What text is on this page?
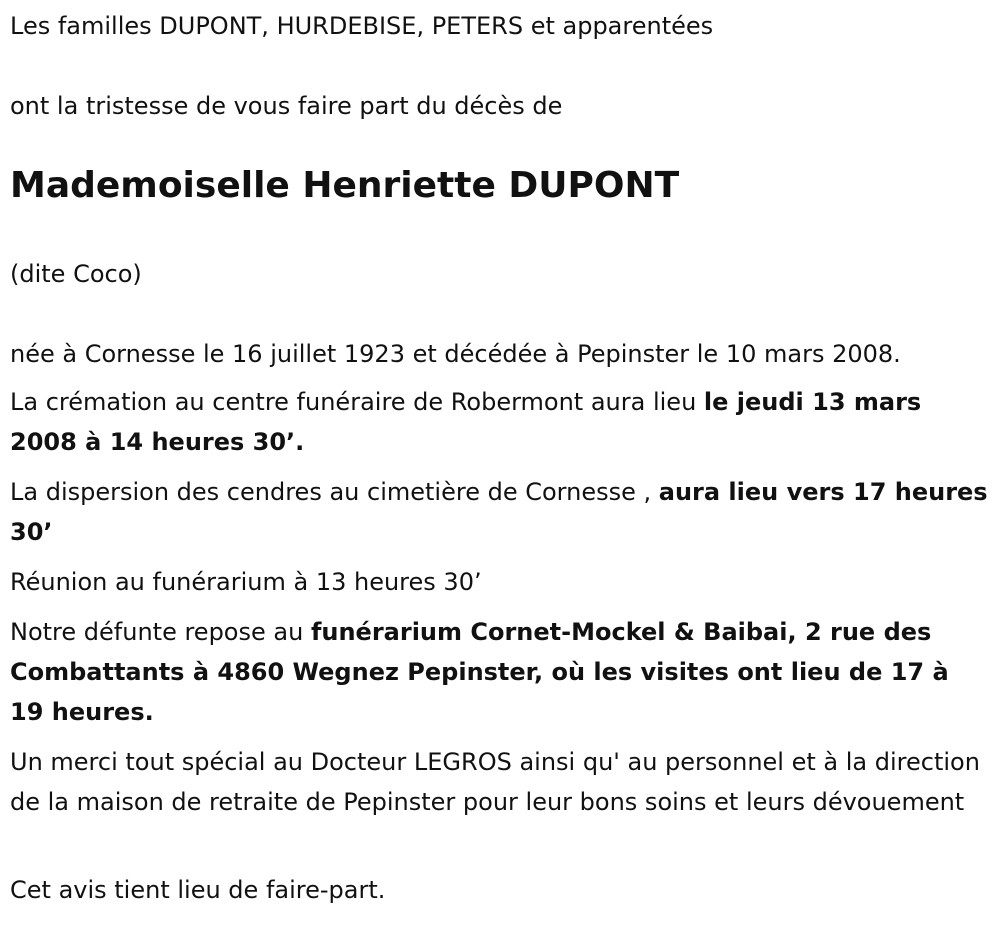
Les familles DUPONT, HURDEBISE, PETERS et apparentées

ont la tristesse de vous faire part du décès de

Mademoiselle Henriette DUPONT

(dite Coco)

née à Cornesse le 16 juillet 1923 et décédée à Pepinster le 10 mars 2008.

La crémation au centre funéraire de Robermont aura lieu le jeudi 13 mars 2008 à 14 heures 30’.

La dispersion des cendres au cimetière de Cornesse , aura lieu vers 17 heures 30’

Réunion au funérarium à 13 heures 30’

Notre défunte repose au funérarium Cornet-Mockel & Baibai, 2 rue des Combattants à 4860 Wegnez Pepinster, où les visites ont lieu de 17 à 19 heures.

Un merci tout spécial au Docteur LEGROS ainsi qu' au personnel et à la direction de la maison de retraite de Pepinster pour leur bons soins et leurs dévouement

Cet avis tient lieu de faire-part.
